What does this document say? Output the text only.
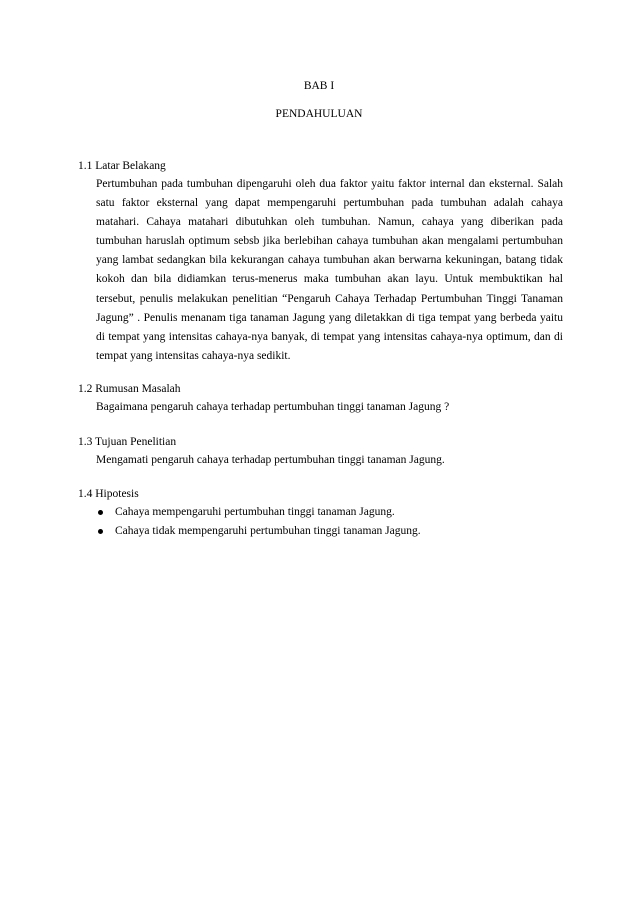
BAB I
PENDAHULUAN
1.1 Latar Belakang
Pertumbuhan pada tumbuhan dipengaruhi oleh dua faktor yaitu faktor internal dan eksternal. Salah satu faktor eksternal yang dapat mempengaruhi pertumbuhan pada tumbuhan adalah cahaya matahari. Cahaya matahari dibutuhkan oleh tumbuhan. Namun, cahaya yang diberikan pada tumbuhan haruslah optimum sebsb jika berlebihan cahaya tumbuhan akan mengalami pertumbuhan yang lambat sedangkan bila kekurangan cahaya tumbuhan akan berwarna kekuningan, batang tidak kokoh dan bila didiamkan terus-menerus maka tumbuhan akan layu. Untuk membuktikan hal tersebut, penulis melakukan penelitian “Pengaruh Cahaya Terhadap Pertumbuhan Tinggi Tanaman Jagung” . Penulis menanam tiga tanaman Jagung yang diletakkan di tiga tempat yang berbeda yaitu di tempat yang intensitas cahaya-nya banyak, di tempat yang intensitas cahaya-nya optimum, dan di tempat yang intensitas cahaya-nya sedikit.
1.2 Rumusan Masalah
Bagaimana pengaruh cahaya terhadap pertumbuhan tinggi tanaman Jagung ?
1.3 Tujuan Penelitian
Mengamati pengaruh cahaya terhadap pertumbuhan tinggi tanaman Jagung.
1.4 Hipotesis
Cahaya mempengaruhi pertumbuhan tinggi tanaman Jagung.
Cahaya tidak mempengaruhi pertumbuhan tinggi tanaman Jagung.
